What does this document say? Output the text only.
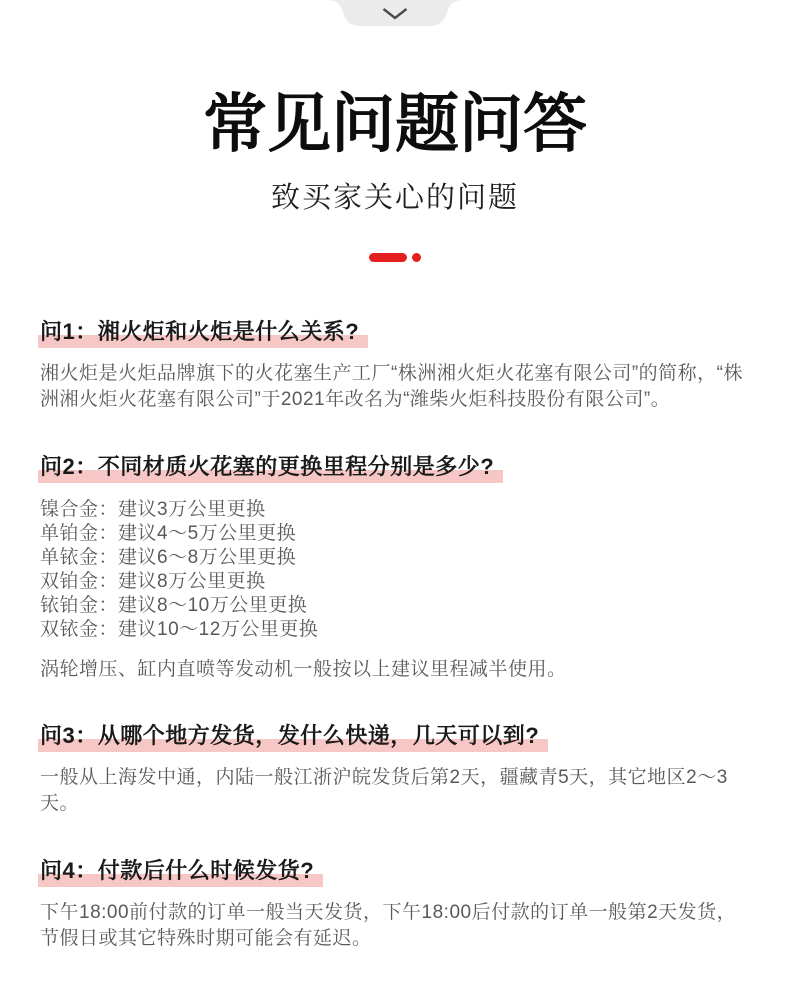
常见问题问答
致买家关心的问题
问1：湘火炬和火炬是什么关系?

湘火炬是火炬品牌旗下的火花塞生产工厂“株洲湘火炬火花塞有限公司”的简称，“株洲湘火炬火花塞有限公司”于2021年改名为“潍柴火炬科技股份有限公司”。

问2：不同材质火花塞的更换里程分别是多少?
镍合金：建议3万公里更换
单铂金：建议4～5万公里更换
单铱金：建议6～8万公里更换
双铂金：建议8万公里更换
铱铂金：建议8～10万公里更换
双铱金：建议10～12万公里更换

涡轮增压、缸内直喷等发动机一般按以上建议里程减半使用。

问3：从哪个地方发货，发什么快递，几天可以到?

一般从上海发中通，内陆一般江浙沪皖发货后第2天，疆藏青5天，其它地区2～3天。

问4：付款后什么时候发货?

下午18:00前付款的订单一般当天发货，下午18:00后付款的订单一般第2天发货，节假日或其它特殊时期可能会有延迟。
